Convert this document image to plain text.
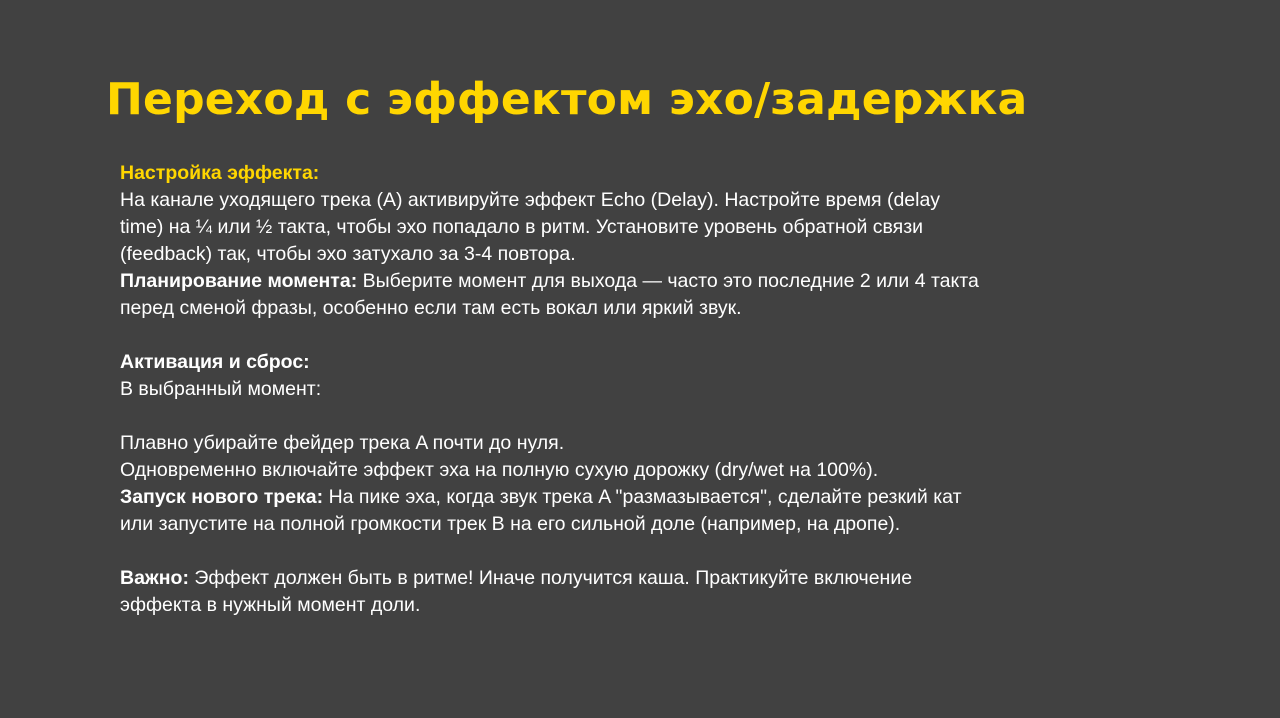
Переход с эффектом эхо/задержка
Настройка эффекта:
На канале уходящего трека (A) активируйте эффект Echo (Delay). Настройте время (delay
time) на ¼ или ½ такта, чтобы эхо попадало в ритм. Установите уровень обратной связи
(feedback) так, чтобы эхо затухало за 3-4 повтора.
Планирование момента: Выберите момент для выхода — часто это последние 2 или 4 такта
перед сменой фразы, особенно если там есть вокал или яркий звук.
Активация и сброс:
В выбранный момент:
Плавно убирайте фейдер трека A почти до нуля.
Одновременно включайте эффект эха на полную сухую дорожку (dry/wet на 100%).
Запуск нового трека: На пике эха, когда звук трека A "размазывается", сделайте резкий кат
или запустите на полной громкости трек B на его сильной доле (например, на дропе).
Важно: Эффект должен быть в ритме! Иначе получится каша. Практикуйте включение
эффекта в нужный момент доли.
